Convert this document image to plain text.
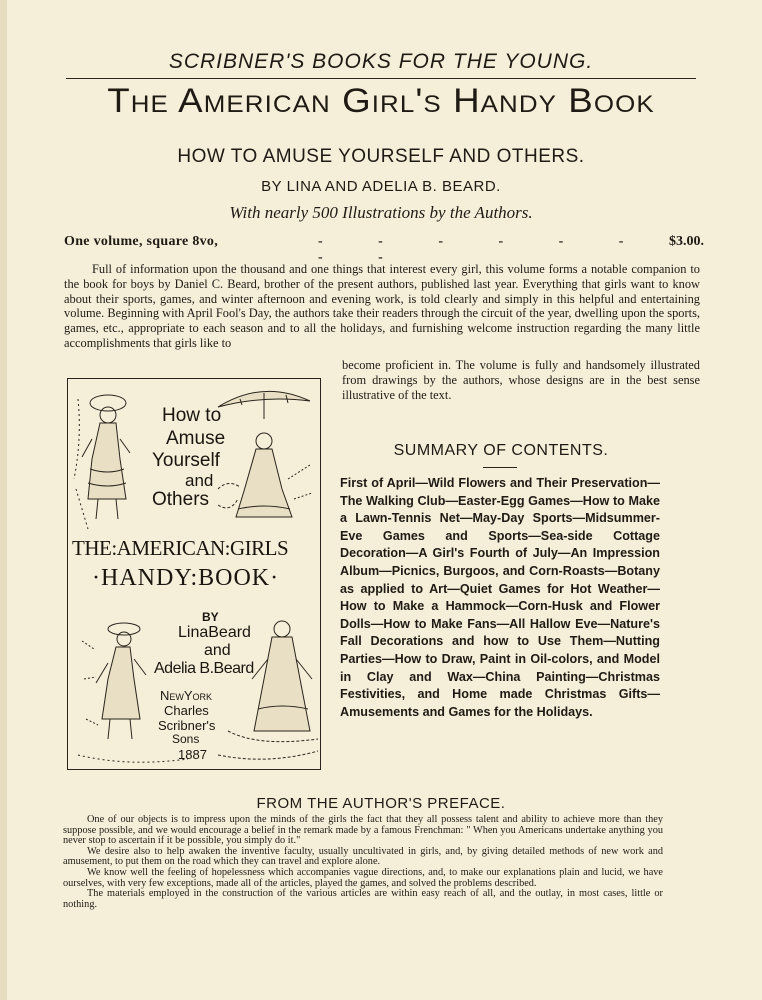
SCRIBNER'S BOOKS FOR THE YOUNG.
The American Girl's Handy Book
HOW TO AMUSE YOURSELF AND OTHERS.
BY LINA AND ADELIA B. BEARD.
With nearly 500 Illustrations by the Authors.
One volume, square 8vo,	- - - - - - - -
$3.00.

Full of information upon the thousand and one things that interest every girl, this volume forms a notable companion to the book for boys by Daniel C. Beard, brother of the present authors, published last year. Everything that girls want to know about their sports, games, and winter afternoon and evening work, is told clearly and simply in this helpful and entertaining volume. Beginning with April Fool's Day, the authors take their readers through the circuit of the year, dwelling upon the sports, games, etc., appropriate to each season and to all the holidays, and furnishing welcome instruction regarding the many little accomplishments that girls like to

become proficient in. The volume is fully and handsomely illustrated from drawings by the authors, whose designs are in the best sense illustrative of the text.
How to
Amuse
Yourself
and
Others
THE:AMERICAN:GIRLS
·HANDY:BOOK·
BY
LinaBeard
and
Adelia B.Beard
NewYork
Charles
Scribner's
Sons
1887
SUMMARY OF CONTENTS.
First of April—Wild Flowers and Their Preservation—The Walking Club—Easter-Egg Games—How to Make a Lawn-Tennis Net—May-Day Sports—Midsummer-Eve Games and Sports—Sea-side Cottage Decoration—A Girl's Fourth of July—An Impression Album—Picnics, Burgoos, and Corn-Roasts—Botany as applied to Art—Quiet Games for Hot Weather—How to Make a Hammock—Corn-Husk and Flower Dolls—How to Make Fans—All Hallow Eve—Nature's Fall Decorations and how to Use Them—Nutting Parties—How to Draw, Paint in Oil-colors, and Model in Clay and Wax—China Painting—Christmas Festivities, and Home made Christmas Gifts—Amusements and Games for the Holidays.
FROM THE AUTHOR'S PREFACE.

One of our objects is to impress upon the minds of the girls the fact that they all possess talent and ability to achieve more than they suppose possible, and we would encourage a belief in the remark made by a famous Frenchman: " When you Americans undertake anything you never stop to ascertain if it be possible, you simply do it."

We desire also to help awaken the inventive faculty, usually uncultivated in girls, and, by giving detailed methods of new work and amusement, to put them on the road which they can travel and explore alone.

We know well the feeling of hopelessness which accompanies vague directions, and, to make our explanations plain and lucid, we have ourselves, with very few exceptions, made all of the articles, played the games, and solved the problems described.

The materials employed in the construction of the various articles are within easy reach of all, and the outlay, in most cases, little or nothing.
